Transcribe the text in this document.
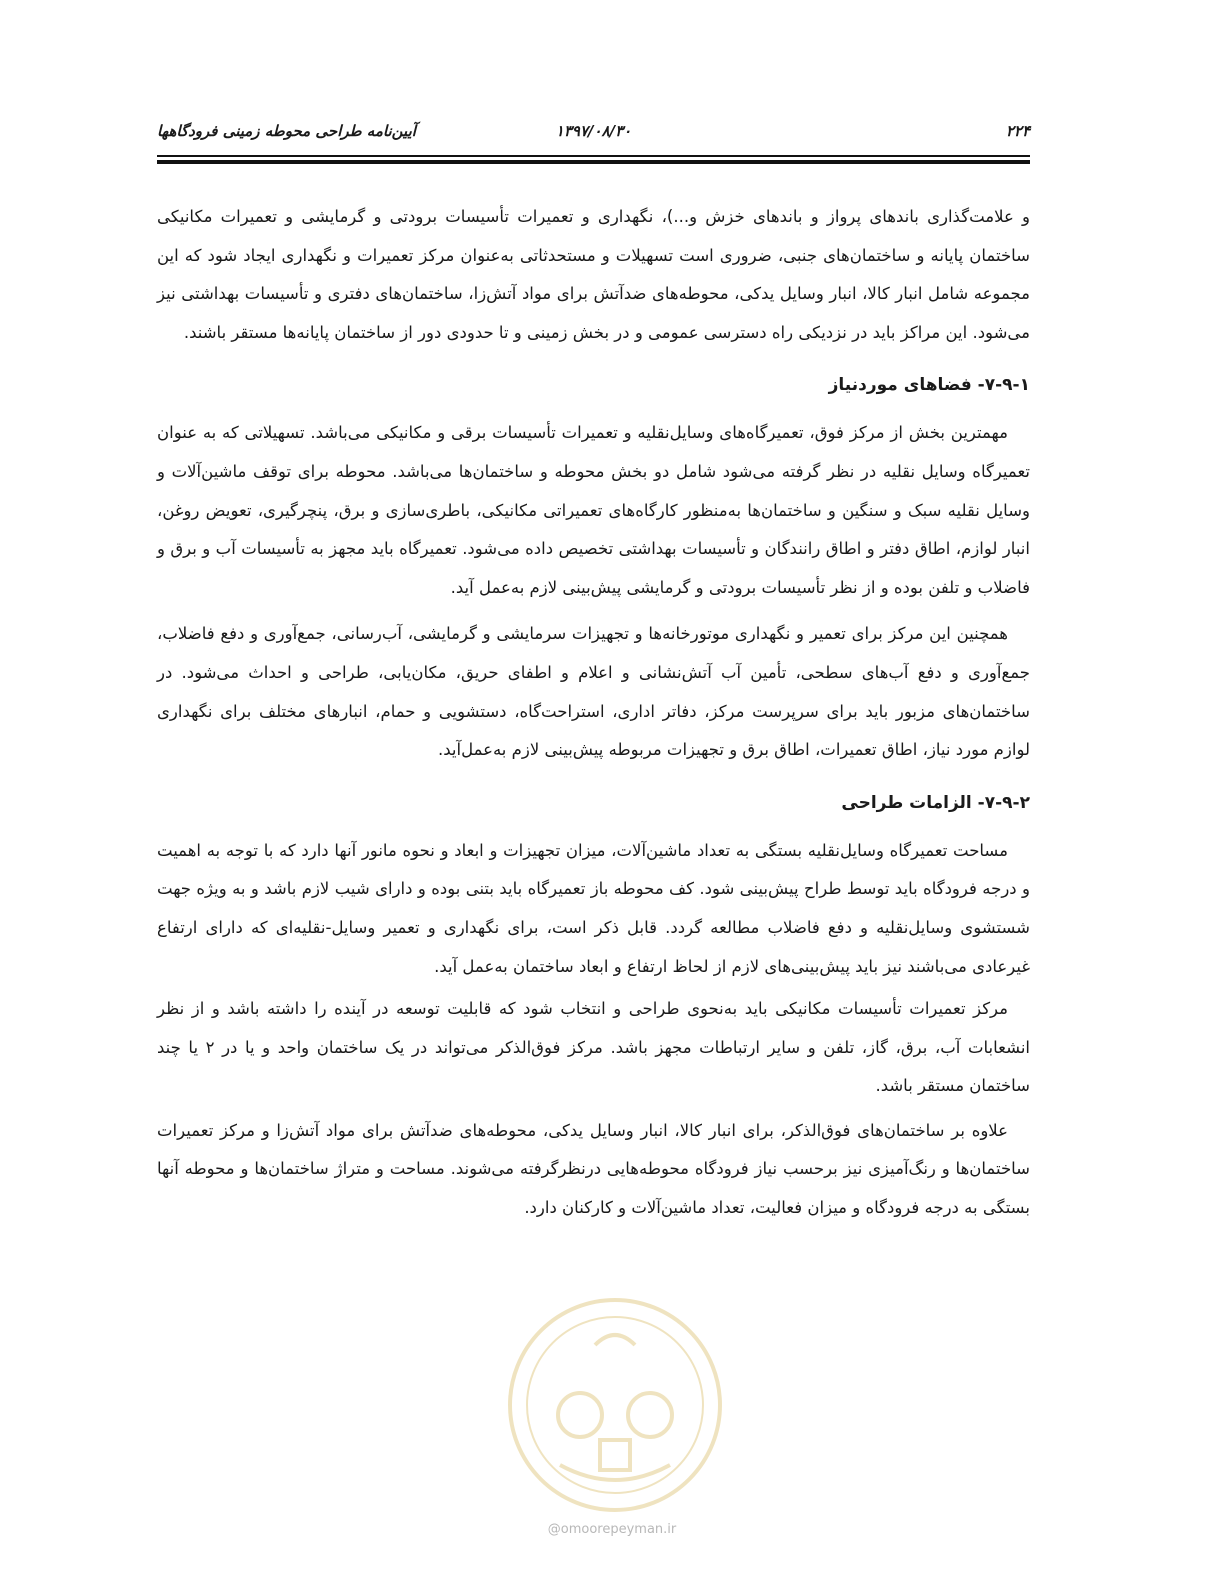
۲۲۴
۱۳۹۷/۰۸/۳۰
آیین‌نامه طراحی محوطه زمینی فرودگاهها

و علامت‌گذاری باندهای پرواز و باندهای خزش و...)، نگهداری و تعمیرات تأسیسات برودتی و گرمایشی و تعمیرات مکانیکی ساختمان پایانه و ساختمان‌های جنبی، ضروری است تسهیلات و مستحدثاتی به‌عنوان مرکز تعمیرات و نگهداری ایجاد شود که این مجموعه شامل انبار کالا، انبار وسایل یدکی، محوطه‌های ضدآتش برای مواد آتش‌زا، ساختمان‌های دفتری و تأسیسات بهداشتی نیز می‌شود. این مراکز باید در نزدیکی راه دسترسی عمومی و در بخش زمینی و تا حدودی دور از ساختمان پایانه‌ها مستقر باشند.

۷-۹-۱- فضاهای موردنیاز

مهمترین بخش از مرکز فوق، تعمیرگاه‌های وسایل‌نقلیه و تعمیرات تأسیسات برقی و مکانیکی می‌باشد. تسهیلاتی که به عنوان تعمیرگاه وسایل نقلیه در نظر گرفته می‌شود شامل دو بخش محوطه و ساختمان‌ها می‌باشد. محوطه برای توقف ماشین‌آلات و وسایل نقلیه سبک و سنگین و ساختمان‌ها به‌منظور کارگاه‌های تعمیراتی مکانیکی، باطری‌سازی و برق، پنچرگیری، تعویض روغن، انبار لوازم، اطاق دفتر و اطاق رانندگان و تأسیسات بهداشتی تخصیص داده می‌شود. تعمیرگاه باید مجهز به تأسیسات آب و برق و فاضلاب و تلفن بوده و از نظر تأسیسات برودتی و گرمایشی پیش‌بینی لازم به‌عمل آید.

همچنین این مرکز برای تعمیر و نگهداری موتورخانه‌ها و تجهیزات سرمایشی و گرمایشی، آب‌رسانی، جمع‌آوری و دفع فاضلاب، جمع‌آوری و دفع آب‌های سطحی، تأمین آب آتش‌نشانی و اعلام و اطفای حریق، مکان‌یابی، طراحی و احداث می‌شود. در ساختمان‌های مزبور باید برای سرپرست مرکز، دفاتر اداری، استراحت‌گاه، دستشویی و حمام، انبارهای مختلف برای نگهداری لوازم مورد نیاز، اطاق تعمیرات، اطاق برق و تجهیزات مربوطه پیش‌بینی لازم به‌عمل‌آید.

۷-۹-۲- الزامات طراحی

مساحت تعمیرگاه وسایل‌نقلیه بستگی به تعداد ماشین‌آلات، میزان تجهیزات و ابعاد و نحوه مانور آنها دارد که با توجه به اهمیت و درجه فرودگاه باید توسط طراح پیش‌بینی شود. کف محوطه باز تعمیرگاه باید بتنی بوده و دارای شیب لازم باشد و به ویژه جهت شستشوی وسایل‌نقلیه و دفع فاضلاب مطالعه گردد. قابل ذکر است، برای نگهداری و تعمیر وسایل-نقلیه‌ای که دارای ارتفاع غیرعادی می‌باشند نیز باید پیش‌بینی‌های لازم از لحاظ ارتفاع و ابعاد ساختمان به‌عمل آید.

مرکز تعمیرات تأسیسات مکانیکی باید به‌نحوی طراحی و انتخاب شود که قابلیت توسعه در آینده را داشته باشد و از نظر انشعابات آب، برق، گاز، تلفن و سایر ارتباطات مجهز باشد. مرکز فوق‌الذکر می‌تواند در یک ساختمان واحد و یا در ۲ یا چند ساختمان مستقر باشد.

علاوه بر ساختمان‌های فوق‌الذکر، برای انبار کالا، انبار وسایل یدکی، محوطه‌های ضدآتش برای مواد آتش‌زا و مرکز تعمیرات ساختمان‌ها و رنگ‌آمیزی نیز برحسب نیاز فرودگاه محوطه‌هایی درنظرگرفته می‌شوند. مساحت و متراژ ساختمان‌ها و محوطه آنها بستگی به درجه فرودگاه و میزان فعالیت، تعداد ماشین‌آلات و کارکنان دارد.

@omoorepeyman.ir
